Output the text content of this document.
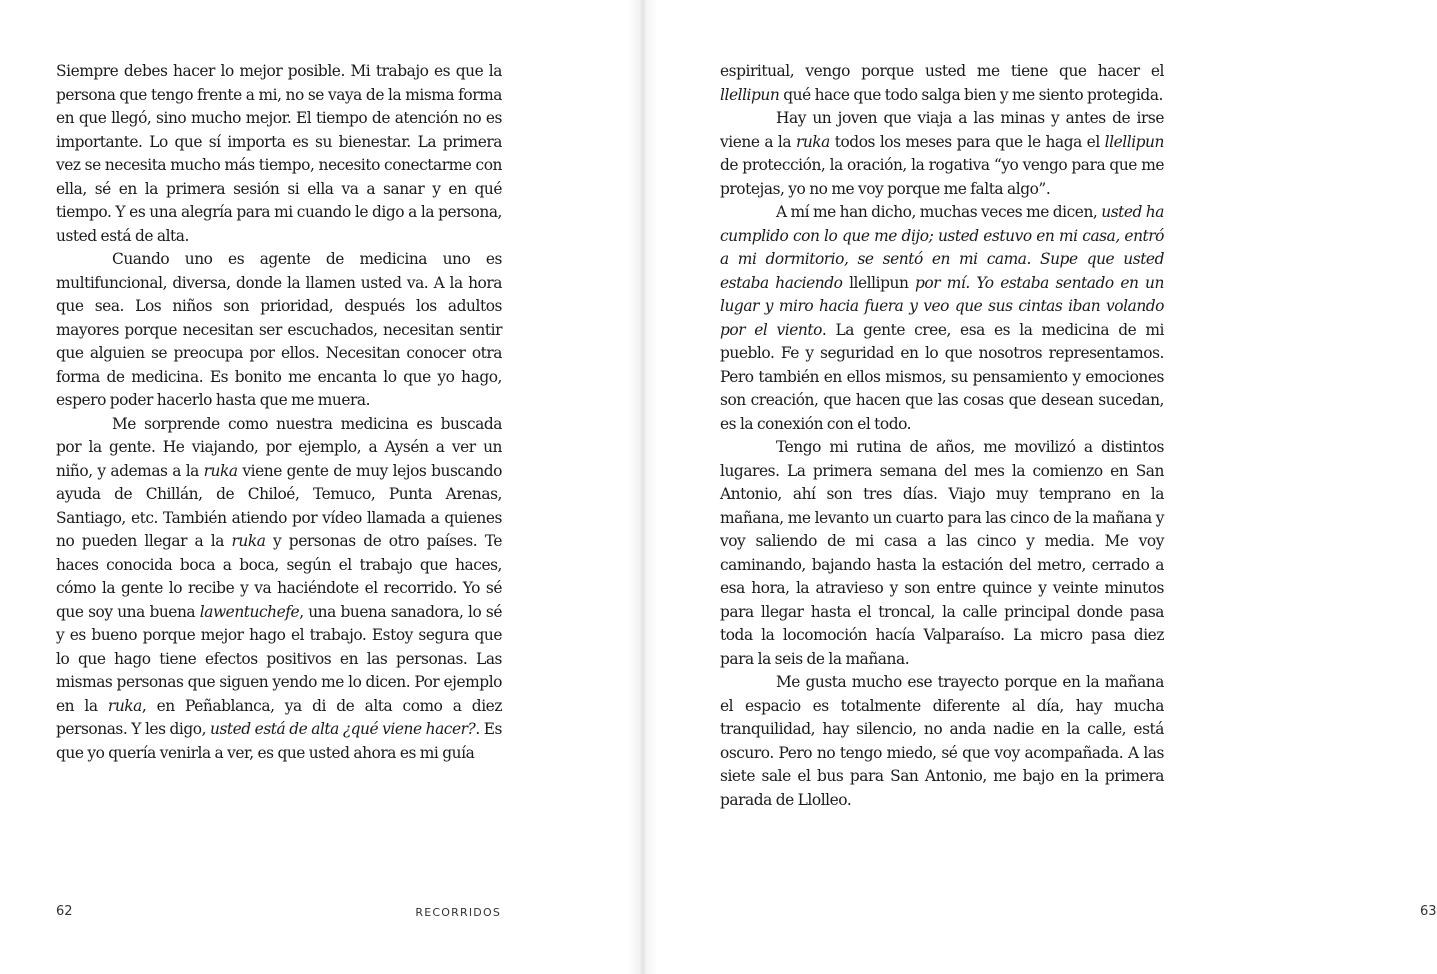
Siempre debes hacer lo mejor posible. Mi trabajo es que la persona que tengo frente a mi, no se vaya de la misma forma en que llegó, sino mucho mejor. El tiempo de atención no es importante. Lo que sí importa es su bienestar. La primera vez se necesita mucho más tiempo, necesito conectarme con ella, sé en la primera sesión si ella va a sanar y en qué tiempo. Y es una alegría para mi cuando le digo a la persona, usted está de alta.

Cuando uno es agente de medicina uno es multifuncional, diversa, donde la llamen usted va. A la hora que sea. Los niños son prioridad, después los adultos mayores porque necesitan ser escuchados, necesitan sentir que alguien se preocupa por ellos. Necesitan conocer otra forma de medicina. Es bonito me encanta lo que yo hago, espero poder hacerlo hasta que me muera.

Me sorprende como nuestra medicina es buscada por la gente. He viajando, por ejemplo, a Aysén a ver un niño, y ademas a la ruka viene gente de muy lejos buscando ayuda de Chillán, de Chiloé, Temuco, Punta Arenas, Santiago, etc. También atiendo por vídeo llamada a quienes no pueden llegar a la ruka y personas de otro países. Te haces conocida boca a boca, según el trabajo que haces, cómo la gente lo recibe y va haciéndote el recorrido. Yo sé que soy una buena lawentuchefe, una buena sanadora, lo sé y es bueno porque mejor hago el trabajo. Estoy segura que lo que hago tiene efectos positivos en las personas. Las mismas personas que siguen yendo me lo dicen. Por ejemplo en la ruka, en Peñablanca, ya di de alta como a diez personas. Y les digo, usted está de alta ¿qué viene hacer?. Es que yo quería venirla a ver, es que usted ahora es mi guía

62	RECORRIDOS

espiritual, vengo porque usted me tiene que hacer el llellipun qué hace que todo salga bien y me siento protegida.

Hay un joven que viaja a las minas y antes de irse viene a la ruka todos los meses para que le haga el llellipun de protección, la oración, la rogativa “yo vengo para que me protejas, yo no me voy porque me falta algo”.

A mí me han dicho, muchas veces me dicen, usted ha cumplido con lo que me dijo; usted estuvo en mi casa, entró a mi dormitorio, se sentó en mi cama. Supe que usted estaba haciendo llellipun por mí. Yo estaba sentado en un lugar y miro hacia fuera y veo que sus cintas iban volando por el viento. La gente cree, esa es la medicina de mi pueblo. Fe y seguridad en lo que nosotros representamos. Pero también en ellos mismos, su pensamiento y emociones son creación, que hacen que las cosas que desean sucedan, es la conexión con el todo.

Tengo mi rutina de años, me movilizó a distintos lugares. La primera semana del mes la comienzo en San Antonio, ahí son tres días. Viajo muy temprano en la mañana, me levanto un cuarto para las cinco de la mañana y voy saliendo de mi casa a las cinco y media. Me voy caminando, bajando hasta la estación del metro, cerrado a esa hora, la atravieso y son entre quince y veinte minutos para llegar hasta el troncal, la calle principal donde pasa toda la locomoción hacía Valparaíso. La micro pasa diez para la seis de la mañana.

Me gusta mucho ese trayecto porque en la mañana el espacio es totalmente diferente al día, hay mucha tranquilidad, hay silencio, no anda nadie en la calle, está oscuro. Pero no tengo miedo, sé que voy acompañada. A las siete sale el bus para San Antonio, me bajo en la primera parada de Llolleo.

63
